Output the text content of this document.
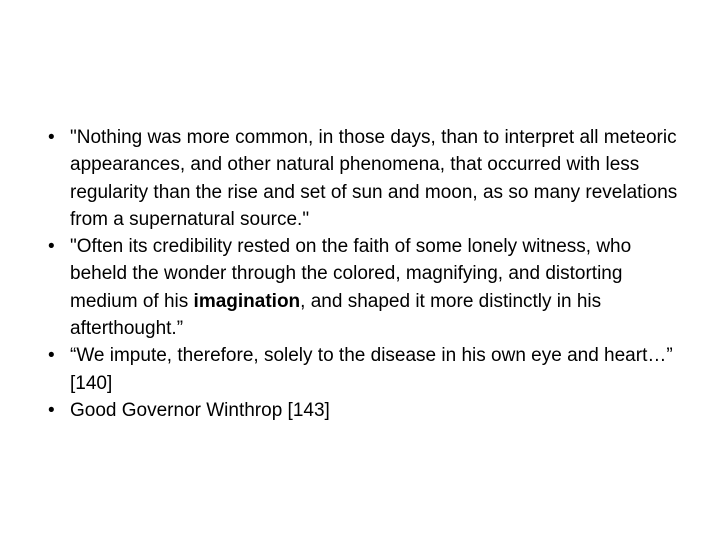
• "Nothing was more common, in those days, than to interpret all meteoric appearances, and other natural phenomena, that occurred with less regularity than the rise and set of sun and moon, as so many revelations from a supernatural source."
• "Often its credibility rested on the faith of some lonely witness, who beheld the wonder through the colored, magnifying, and distorting medium of his imagination, and shaped it more distinctly in his afterthought.”
• “We impute, therefore, solely to the disease in his own eye and heart…” [140]
• Good Governor Winthrop [143]
